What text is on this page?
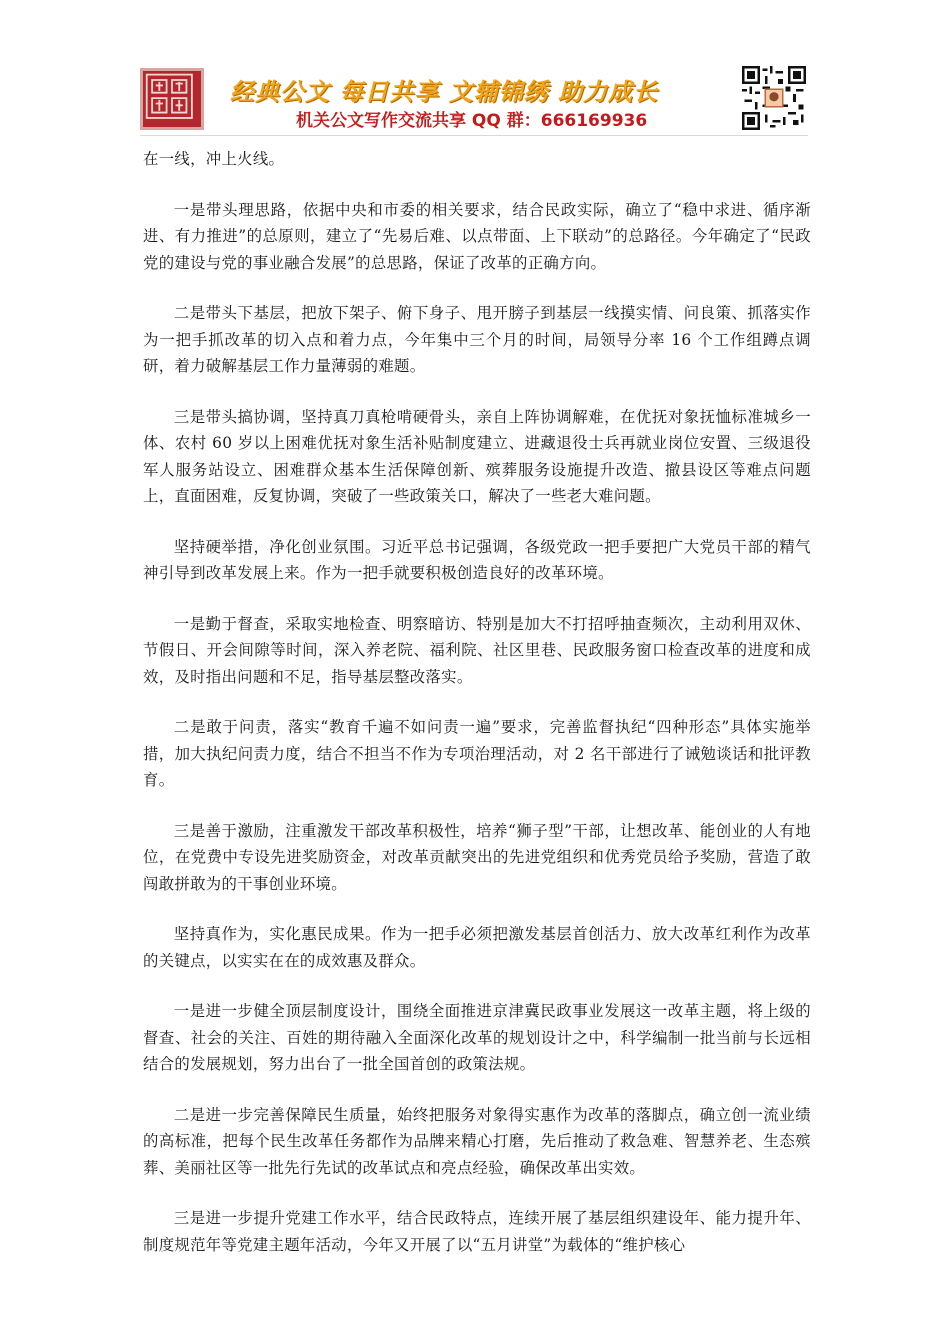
经典公文 每日共享 文辅锦绣 助力成长
机关公文写作交流共享 QQ 群：666169936

在一线，冲上火线。

一是带头理思路，依据中央和市委的相关要求，结合民政实际，确立了“稳中求进、循序渐进、有力推进”的总原则，建立了“先易后难、以点带面、上下联动”的总路径。今年确定了“民政党的建设与党的事业融合发展”的总思路，保证了改革的正确方向。

二是带头下基层，把放下架子、俯下身子、甩开膀子到基层一线摸实情、问良策、抓落实作为一把手抓改革的切入点和着力点，今年集中三个月的时间，局领导分率 16 个工作组蹲点调研，着力破解基层工作力量薄弱的难题。

三是带头搞协调，坚持真刀真枪啃硬骨头，亲自上阵协调解难，在优抚对象抚恤标准城乡一体、农村 60 岁以上困难优抚对象生活补贴制度建立、进藏退役士兵再就业岗位安置、三级退役军人服务站设立、困难群众基本生活保障创新、殡葬服务设施提升改造、撤县设区等难点问题上，直面困难，反复协调，突破了一些政策关口，解决了一些老大难问题。

坚持硬举措，净化创业氛围。习近平总书记强调，各级党政一把手要把广大党员干部的精气神引导到改革发展上来。作为一把手就要积极创造良好的改革环境。

一是勤于督查，采取实地检查、明察暗访、特别是加大不打招呼抽查频次，主动利用双休、节假日、开会间隙等时间，深入养老院、福利院、社区里巷、民政服务窗口检查改革的进度和成效，及时指出问题和不足，指导基层整改落实。

二是敢于问责，落实“教育千遍不如问责一遍”要求，完善监督执纪“四种形态”具体实施举措，加大执纪问责力度，结合不担当不作为专项治理活动，对 2 名干部进行了诫勉谈话和批评教育。

三是善于激励，注重激发干部改革积极性，培养“狮子型”干部，让想改革、能创业的人有地位，在党费中专设先进奖励资金，对改革贡献突出的先进党组织和优秀党员给予奖励，营造了敢闯敢拼敢为的干事创业环境。

坚持真作为，实化惠民成果。作为一把手必须把激发基层首创活力、放大改革红利作为改革的关键点，以实实在在的成效惠及群众。

一是进一步健全顶层制度设计，围绕全面推进京津冀民政事业发展这一改革主题，将上级的督查、社会的关注、百姓的期待融入全面深化改革的规划设计之中，科学编制一批当前与长远相结合的发展规划，努力出台了一批全国首创的政策法规。

二是进一步完善保障民生质量，始终把服务对象得实惠作为改革的落脚点，确立创一流业绩的高标准，把每个民生改革任务都作为品牌来精心打磨，先后推动了救急难、智慧养老、生态殡葬、美丽社区等一批先行先试的改革试点和亮点经验，确保改革出实效。

三是进一步提升党建工作水平，结合民政特点，连续开展了基层组织建设年、能力提升年、制度规范年等党建主题年活动，今年又开展了以“五月讲堂”为载体的“维护核心
